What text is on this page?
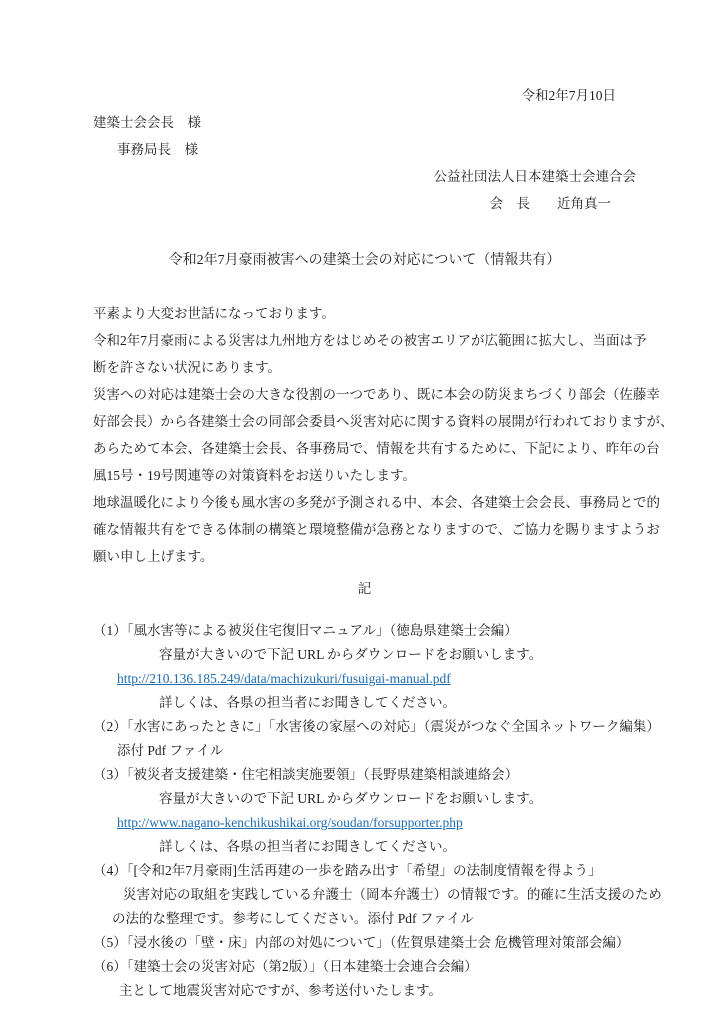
令和2年7月10日
建築士会会長　様
事務局長　様
公益社団法人日本建築士会連合会
会　長　　近角真一
令和2年7月豪雨被害への建築士会の対応について（情報共有）
平素より大変お世話になっております。
令和2年7月豪雨による災害は九州地方をはじめその被害エリアが広範囲に拡大し、当面は予
断を許さない状況にあります。
災害への対応は建築士会の大きな役割の一つであり、既に本会の防災まちづくり部会（佐藤幸
好部会長）から各建築士会の同部会委員へ災害対応に関する資料の展開が行われておりますが、
あらためて本会、各建築士会長、各事務局で、情報を共有するために、下記により、昨年の台
風15号・19号関連等の対策資料をお送りいたします。
地球温暖化により今後も風水害の多発が予測される中、本会、各建築士会会長、事務局とで的
確な情報共有をできる体制の構築と環境整備が急務となりますので、ご協力を賜りますようお
願い申し上げます。
記
（1）「風水害等による被災住宅復旧マニュアル」（徳島県建築士会編）
容量が大きいので下記 URL からダウンロードをお願いします。
http://210.136.185.249/data/machizukuri/fusuigai-manual.pdf
詳しくは、各県の担当者にお聞きしてください。
（2）「水害にあったときに」「水害後の家屋への対応」（震災がつなぐ全国ネットワーク編集）
添付 Pdf ファイル
（3）「被災者支援建築・住宅相談実施要領」（長野県建築相談連絡会）
容量が大きいので下記 URL からダウンロードをお願いします。
http://www.nagano-kenchikushikai.org/soudan/forsupporter.php
詳しくは、各県の担当者にお聞きしてください。
（4）「[令和2年7月豪雨]生活再建の一歩を踏み出す「希望」の法制度情報を得よう」
災害対応の取組を実践している弁護士（岡本弁護士）の情報です。的確に生活支援のため
の法的な整理です。参考にしてください。添付 Pdf ファイル
（5）「浸水後の「壁・床」内部の対処について」（佐賀県建築士会 危機管理対策部会編）
（6）「建築士会の災害対応（第2版）」（日本建築士会連合会編）
主として地震災害対応ですが、参考送付いたします。
